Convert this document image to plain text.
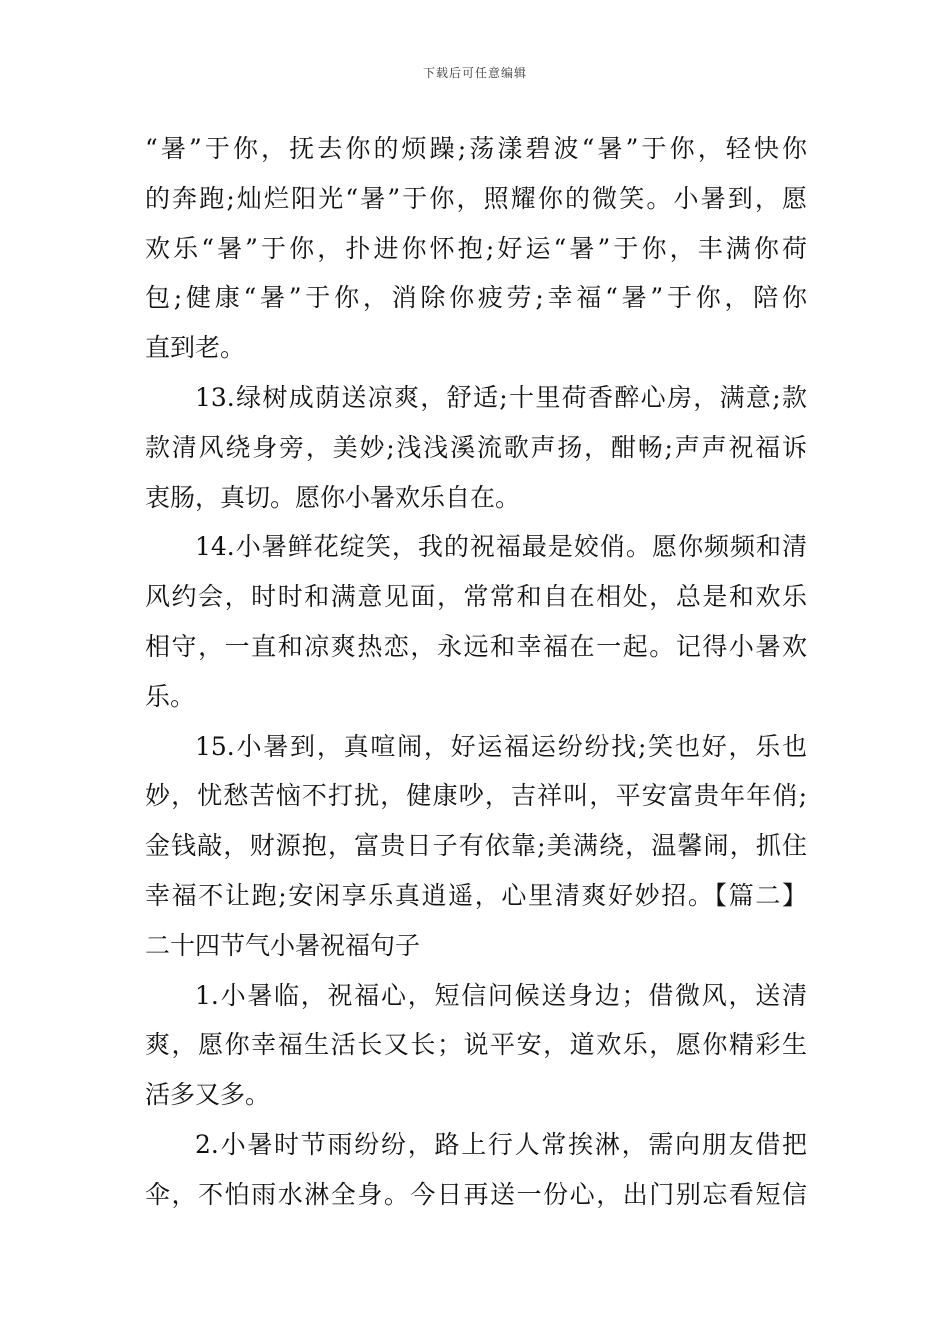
下载后可任意编辑
“暑”于你，抚去你的烦躁;荡漾碧波“暑”于你，轻快你
的奔跑;灿烂阳光“暑”于你，照耀你的微笑。小暑到，愿
欢乐“暑”于你，扑进你怀抱;好运“暑”于你，丰满你荷
包;健康“暑”于你，消除你疲劳;幸福“暑”于你，陪你
直到老。
13.绿树成荫送凉爽，舒适;十里荷香醉心房，满意;款
款清风绕身旁，美妙;浅浅溪流歌声扬，酣畅;声声祝福诉
衷肠，真切。愿你小暑欢乐自在。
14.小暑鲜花绽笑，我的祝福最是姣俏。愿你频频和清
风约会，时时和满意见面，常常和自在相处，总是和欢乐
相守，一直和凉爽热恋，永远和幸福在一起。记得小暑欢
乐。
15.小暑到，真喧闹，好运福运纷纷找;笑也好，乐也
妙，忧愁苦恼不打扰，健康吵，吉祥叫，平安富贵年年俏;
金钱敲，财源抱，富贵日子有依靠;美满绕，温馨闹，抓住
幸福不让跑;安闲享乐真逍遥，心里清爽好妙招。【篇二】
二十四节气小暑祝福句子
1.小暑临，祝福心，短信问候送身边；借微风，送清
爽，愿你幸福生活长又长；说平安，道欢乐，愿你精彩生
活多又多。
2.小暑时节雨纷纷，路上行人常挨淋，需向朋友借把
伞，不怕雨水淋全身。今日再送一份心，出门别忘看短信
